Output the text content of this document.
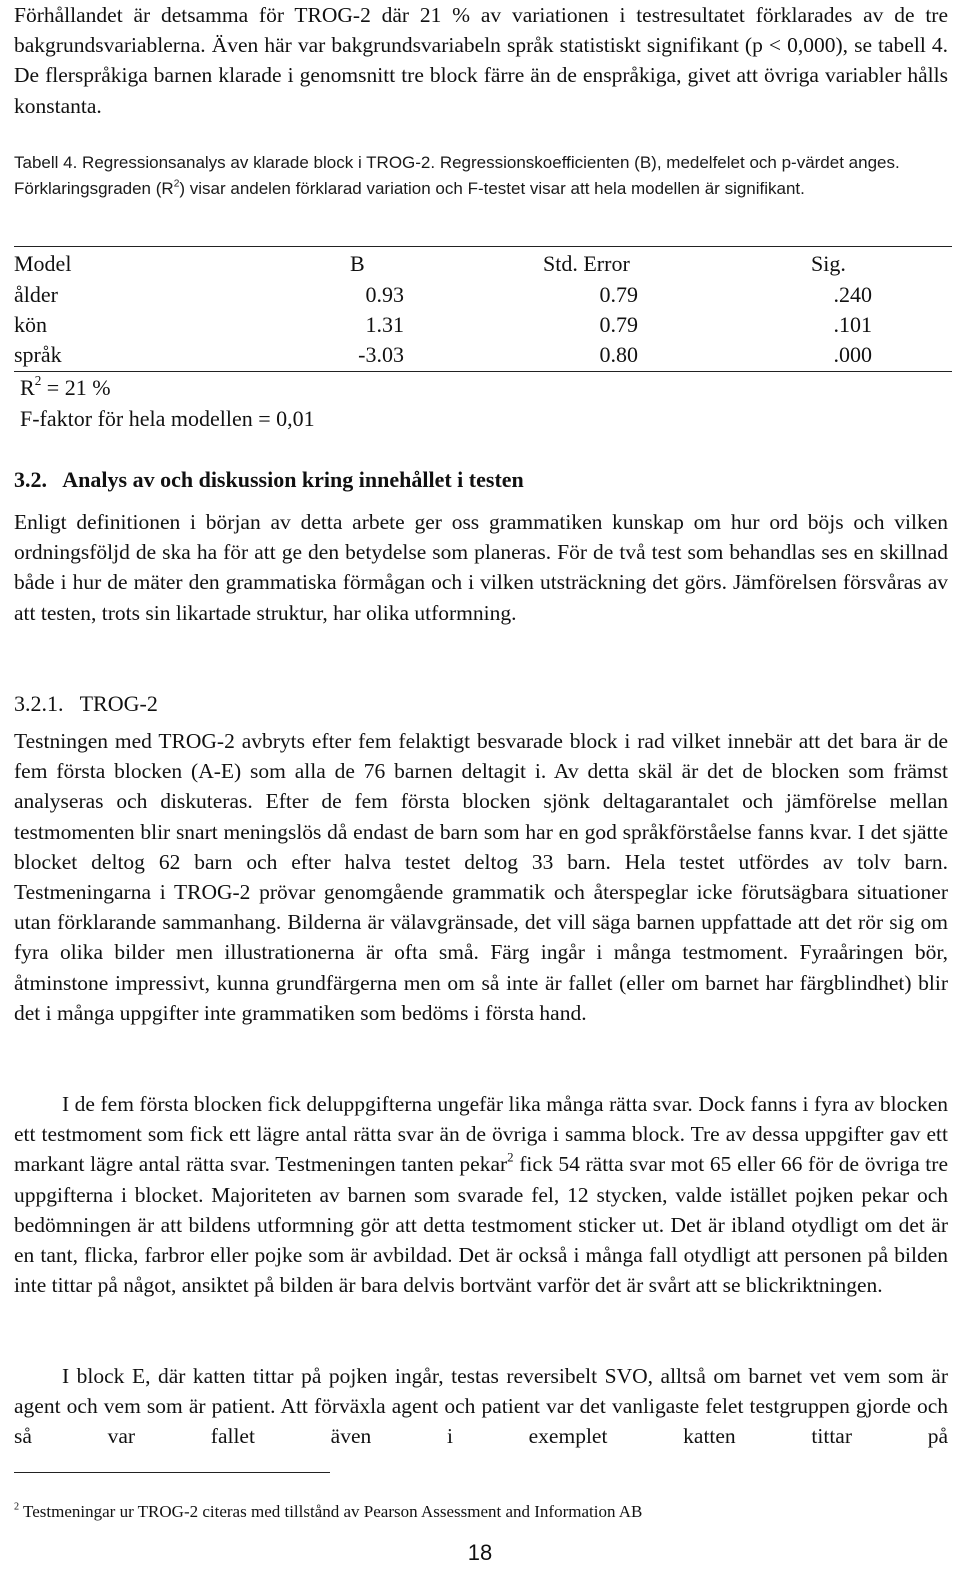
Förhållandet är detsamma för TROG-2 där 21 % av variationen i testresultatet förklarades av de tre bakgrundsvariablerna. Även här var bakgrundsvariabeln språk statistiskt signifikant (p < 0,000), se tabell 4. De flerspråkiga barnen klarade i genomsnitt tre block färre än de enspråkiga, givet att övriga variabler hålls konstanta.

Tabell 4. Regressionsanalys av klarade block i TROG-2. Regressionskoefficienten (B), medelfelet och p-värdet anges. Förklaringsgraden $(R^2)$ visar andelen förklarad variation och F-testet visar att hela modellen är signifikant.

Model	B	Std. Error	Sig.
ålder	0.93	0.79	.240
kön	1.31	0.79	.101
språk	-3.03	0.80	.000
$R^2 = 21$ %
F-faktor för hela modellen = 0,01

3.2.   Analys av och diskussion kring innehållet i testen

Enligt definitionen i början av detta arbete ger oss grammatiken kunskap om hur ord böjs och vilken ordningsföljd de ska ha för att ge den betydelse som planeras. För de två test som behandlas ses en skillnad både i hur de mäter den grammatiska förmågan och i vilken utsträckning det görs. Jämförelsen försvåras av att testen, trots sin likartade struktur, har olika utformning.

3.2.1.   TROG-2

Testningen med TROG-2 avbryts efter fem felaktigt besvarade block i rad vilket innebär att det bara är de fem första blocken (A-E) som alla de 76 barnen deltagit i. Av detta skäl är det de blocken som främst analyseras och diskuteras. Efter de fem första blocken sjönk deltagarantalet och jämförelse mellan testmomenten blir snart meningslös då endast de barn som har en god språkförståelse fanns kvar. I det sjätte blocket deltog 62 barn och efter halva testet deltog 33 barn. Hela testet utfördes av tolv barn. Testmeningarna i TROG-2 prövar genomgående grammatik och återspeglar icke förutsägbara situationer utan förklarande sammanhang. Bilderna är välavgränsade, det vill säga barnen uppfattade att det rör sig om fyra olika bilder men illustrationerna är ofta små. Färg ingår i många testmoment. Fyraåringen bör, åtminstone impressivt, kunna grundfärgerna men om så inte är fallet (eller om barnet har färgblindhet) blir det i många uppgifter inte grammatiken som bedöms i första hand.

I de fem första blocken fick deluppgifterna ungefär lika många rätta svar. Dock fanns i fyra av blocken ett testmoment som fick ett lägre antal rätta svar än de övriga i samma block. Tre av dessa uppgifter gav ett markant lägre antal rätta svar. Testmeningen tanten pekar$^2$ fick 54 rätta svar mot 65 eller 66 för de övriga tre uppgifterna i blocket. Majoriteten av barnen som svarade fel, 12 stycken, valde istället pojken pekar och bedömningen är att bildens utformning gör att detta testmoment sticker ut. Det är ibland otydligt om det är en tant, flicka, farbror eller pojke som är avbildad. Det är också i många fall otydligt att personen på bilden inte tittar på något, ansiktet på bilden är bara delvis bortvänt varför det är svårt att se blickriktningen.

I block E, där katten tittar på pojken ingår, testas reversibelt SVO, alltså om barnet vet vem som är agent och vem som är patient. Att förväxla agent och patient var det vanligaste felet testgruppen gjorde och så var fallet även i exemplet katten tittar på

$^2$ Testmeningar ur TROG-2 citeras med tillstånd av Pearson Assessment and Information AB
18
